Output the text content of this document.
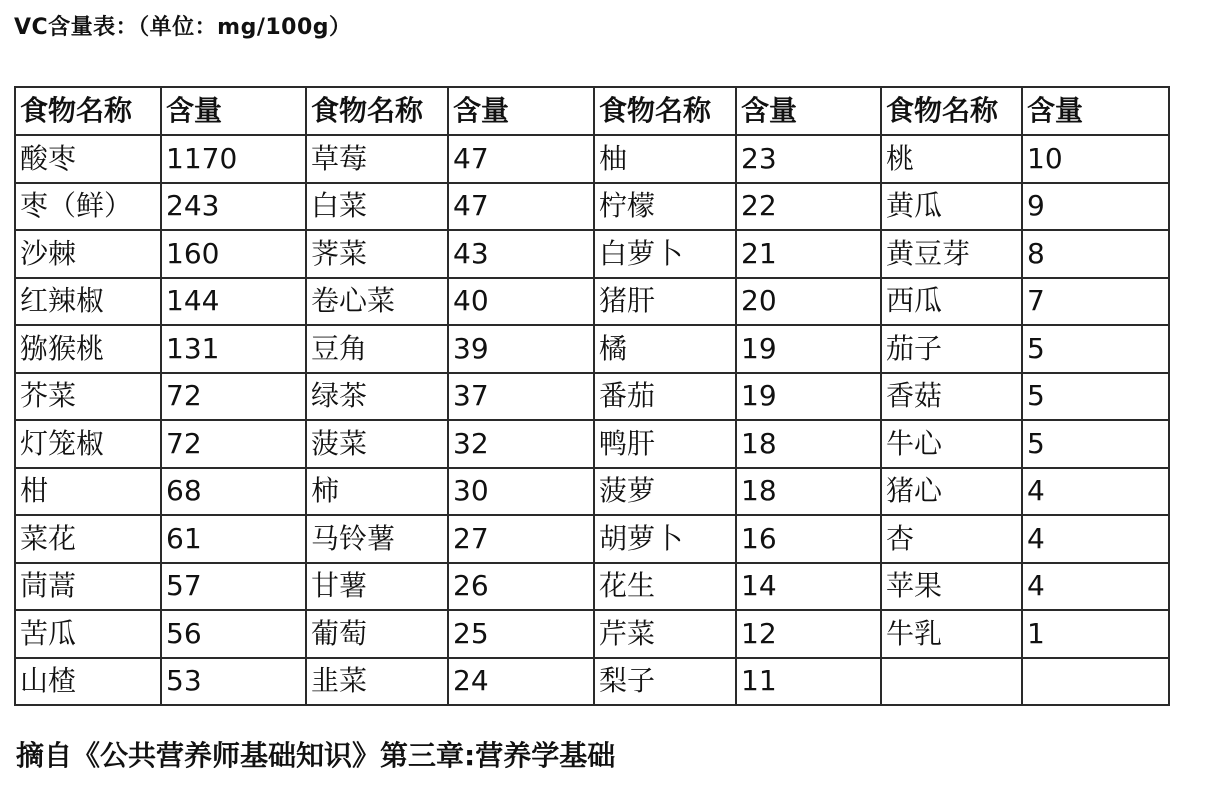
VC含量表：（单位：mg/100g）
食物名称	含量	食物名称	含量	食物名称	含量	食物名称	含量
酸枣	1170	草莓	47	柚	23	桃	10
枣（鲜）	243	白菜	47	柠檬	22	黄瓜	9
沙棘	160	荠菜	43	白萝卜	21	黄豆芽	8
红辣椒	144	卷心菜	40	猪肝	20	西瓜	7
猕猴桃	131	豆角	39	橘	19	茄子	5
芥菜	72	绿茶	37	番茄	19	香菇	5
灯笼椒	72	菠菜	32	鸭肝	18	牛心	5
柑	68	柿	30	菠萝	18	猪心	4
菜花	61	马铃薯	27	胡萝卜	16	杏	4
茼蒿	57	甘薯	26	花生	14	苹果	4
苦瓜	56	葡萄	25	芹菜	12	牛乳	1
山楂	53	韭菜	24	梨子	11		
摘自《公共营养师基础知识》第三章:营养学基础
